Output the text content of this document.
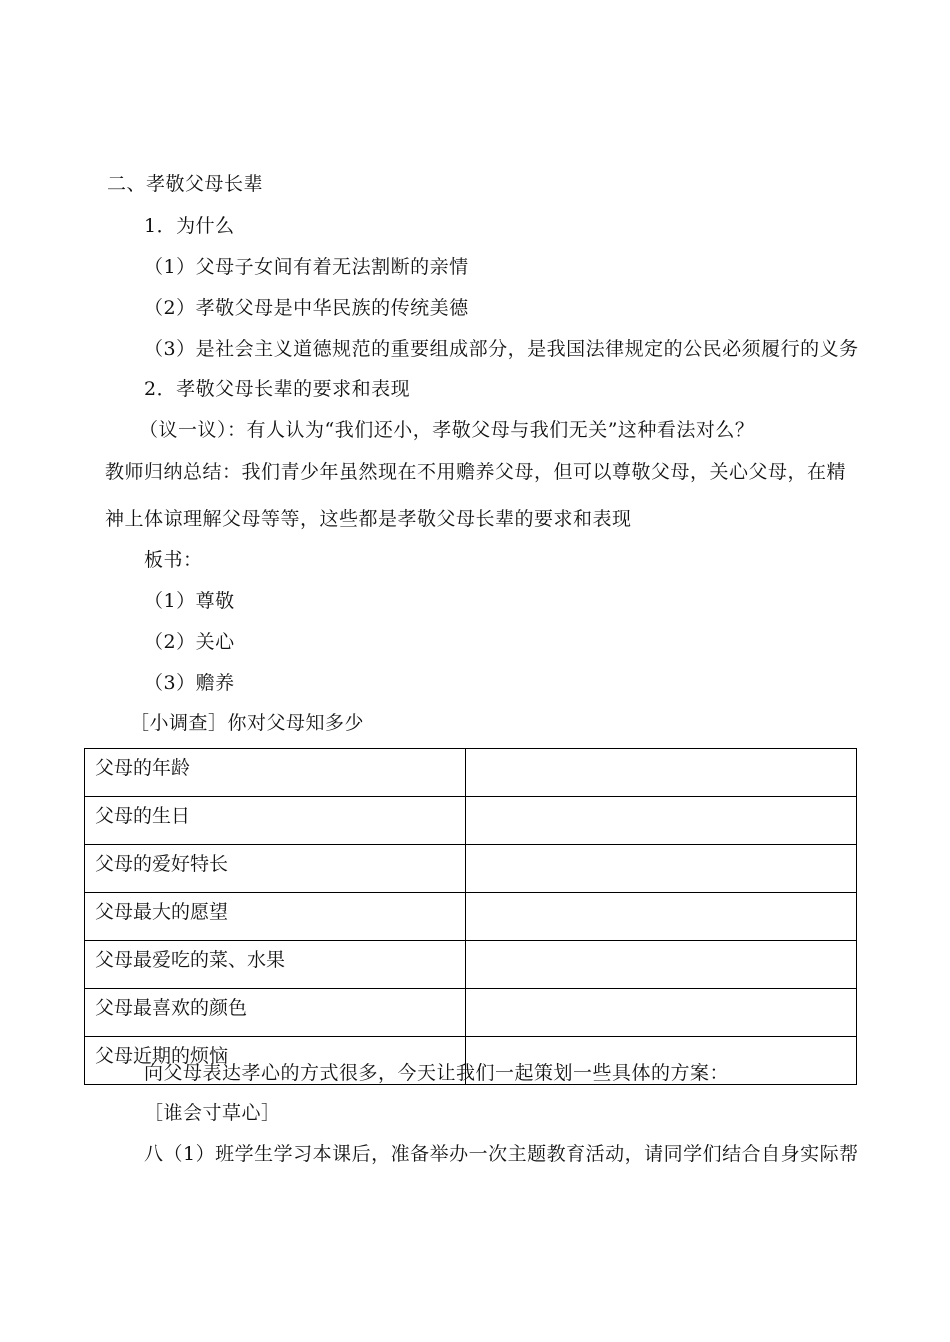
二、孝敬父母长辈
1．为什么
（1）父母子女间有着无法割断的亲情
（2）孝敬父母是中华民族的传统美德
（3）是社会主义道德规范的重要组成部分，是我国法律规定的公民必须履行的义务
2．孝敬父母长辈的要求和表现
（议一议）：有人认为“我们还小，孝敬父母与我们无关”这种看法对么？
教师归纳总结：我们青少年虽然现在不用赡养父母，但可以尊敬父母，关心父母，在精
神上体谅理解父母等等，这些都是孝敬父母长辈的要求和表现
板书：
（1）尊敬
（2）关心
（3）赡养
［小调查］你对父母知多少
父母的年龄	
父母的生日	
父母的爱好特长	
父母最大的愿望	
父母最爱吃的菜、水果	
父母最喜欢的颜色	
父母近期的烦恼	
向父母表达孝心的方式很多，今天让我们一起策划一些具体的方案：
［谁会寸草心］
八（1）班学生学习本课后，准备举办一次主题教育活动，请同学们结合自身实际帮
